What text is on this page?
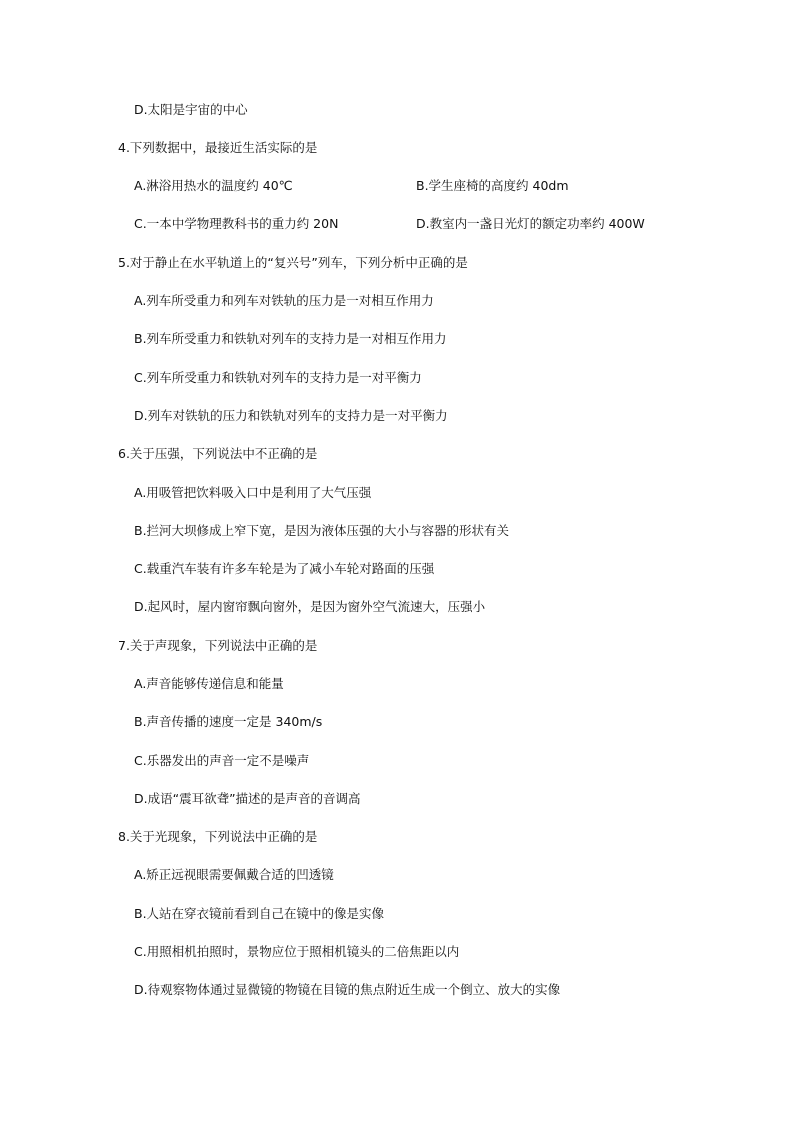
D.太阳是宇宙的中心
4.下列数据中，最接近生活实际的是
A.淋浴用热水的温度约 40℃	B.学生座椅的高度约 40dm
C.一本中学物理教科书的重力约 20N	D.教室内一盏日光灯的额定功率约 400W
5.对于静止在水平轨道上的“复兴号”列车，下列分析中正确的是
A.列车所受重力和列车对铁轨的压力是一对相互作用力
B.列车所受重力和铁轨对列车的支持力是一对相互作用力
C.列车所受重力和铁轨对列车的支持力是一对平衡力
D.列车对铁轨的压力和铁轨对列车的支持力是一对平衡力
6.关于压强，下列说法中不正确的是
A.用吸管把饮料吸入口中是利用了大气压强
B.拦河大坝修成上窄下宽，是因为液体压强的大小与容器的形状有关
C.载重汽车装有许多车轮是为了减小车轮对路面的压强
D.起风时，屋内窗帘飘向窗外，是因为窗外空气流速大，压强小
7.关于声现象，下列说法中正确的是
A.声音能够传递信息和能量
B.声音传播的速度一定是 340m/s
C.乐器发出的声音一定不是噪声
D.成语“震耳欲聋”描述的是声音的音调高
8.关于光现象，下列说法中正确的是
A.矫正远视眼需要佩戴合适的凹透镜
B.人站在穿衣镜前看到自己在镜中的像是实像
C.用照相机拍照时，景物应位于照相机镜头的二倍焦距以内
D.待观察物体通过显微镜的物镜在目镜的焦点附近生成一个倒立、放大的实像
